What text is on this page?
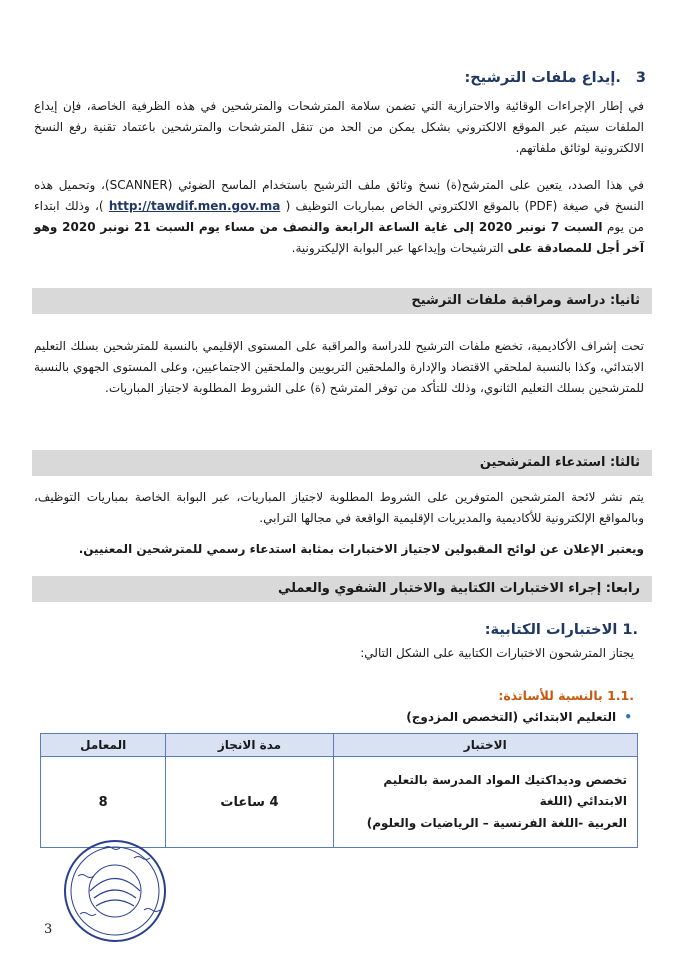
3 .إيداع ملفات الترشيح:

في إطار الإجراءات الوقائية والاحترازية التي تضمن سلامة المترشحات والمترشحين في هذه الظرفية الخاصة، فإن إيداع الملفات سيتم عبر الموقع الالكتروني بشكل يمكن من الحد من تنقل المترشحات والمترشحين باعتماد تقنية رفع النسخ الالكترونية لوثائق ملفاتهم.

في هذا الصدد، يتعين على المترشح(ة) نسخ وثائق ملف الترشيح باستخدام الماسح الضوئي (SCANNER)، وتحميل هذه النسخ في صيغة (PDF) بالموقع الالكتروني الخاص بمباريات التوظيف ( http://tawdif.men.gov.ma )، وذلك ابتداء من يوم السبت 7 نونبر 2020 إلى غاية الساعة الرابعة والنصف من مساء يوم السبت 21 نونبر 2020 وهو آخر أجل للمصادقة على الترشيحات وإيداعها عبر البوابة الإليكترونية.

ثانيا: دراسة ومراقبة ملفات الترشيح

تحت إشراف الأكاديمية، تخضع ملفات الترشيح للدراسة والمراقبة على المستوى الإقليمي بالنسبة للمترشحين بسلك التعليم الابتدائي، وكذا بالنسبة لملحقي الاقتصاد والإدارة والملحقين التربويين والملحقين الاجتماعيين، وعلى المستوى الجهوي بالنسبة للمترشحين بسلك التعليم الثانوي، وذلك للتأكد من توفر المترشح (ة) على الشروط المطلوبة لاجتياز المباريات.

ثالثا: استدعاء المترشحين

يتم نشر لائحة المترشحين المتوفرين على الشروط المطلوبة لاجتياز المباريات، عبر البوابة الخاصة بمباريات التوظيف، وبالمواقع الإلكترونية للأكاديمية والمديريات الإقليمية الواقعة في مجالها الترابي.

ويعتبر الإعلان عن لوائح المقبولين لاجتياز الاختبارات بمثابة استدعاء رسمي للمترشحين المعنيين.

رابعا: إجراء الاختبارات الكتابية والاختبار الشفوي والعملي
.1 الاختبارات الكتابية:
يجتاز المترشحون الاختبارات الكتابية على الشكل التالي:
.1.1 بالنسبة للأساتذة:
• التعليم الابتدائي (التخصص المزدوج)
الاختبار	مدة الانجاز	المعامل

تخصص وديداكتيك المواد المدرسة بالتعليم الابتدائي (اللغة
العربية -اللغة الفرنسية – الرياضيات والعلوم)	4 ساعات	8
3
